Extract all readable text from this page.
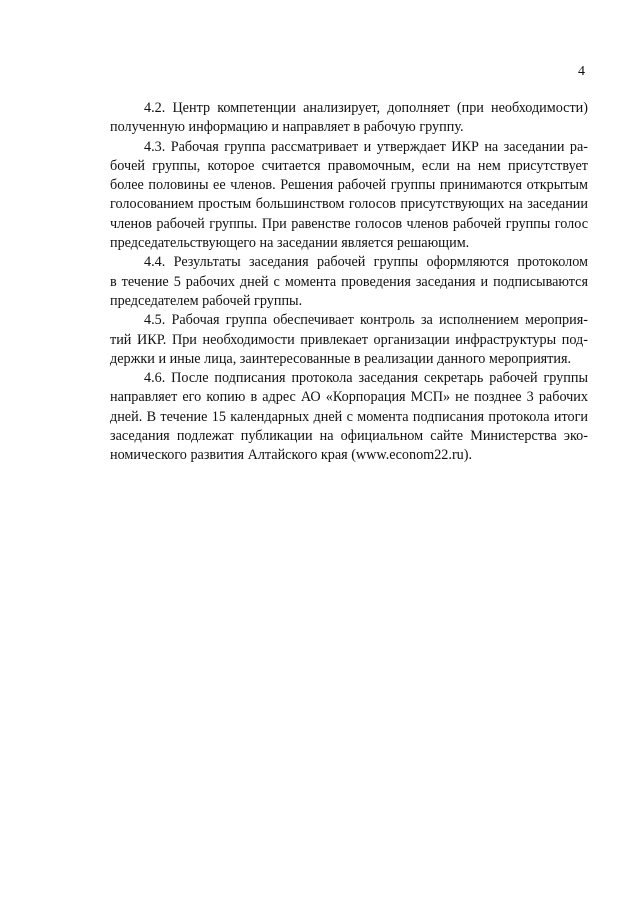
4
4.2. Центр компетенции анализирует, дополняет (при необходимости)
полученную информацию и направляет в рабочую группу.
4.3. Рабочая группа рассматривает и утверждает ИКР на заседании ра-
бочей группы, которое считается правомочным, если на нем присутствует
более половины ее членов. Решения рабочей группы принимаются открытым
голосованием простым большинством голосов присутствующих на заседании
членов рабочей группы. При равенстве голосов членов рабочей группы голос
председательствующего на заседании является решающим.
4.4. Результаты заседания рабочей группы оформляются протоколом
в течение 5 рабочих дней с момента проведения заседания и подписываются
председателем рабочей группы.
4.5. Рабочая группа обеспечивает контроль за исполнением мероприя-
тий ИКР. При необходимости привлекает организации инфраструктуры под-
держки и иные лица, заинтересованные в реализации данного мероприятия.
4.6. После подписания протокола заседания секретарь рабочей группы
направляет его копию в адрес АО «Корпорация МСП» не позднее 3 рабочих
дней. В течение 15 календарных дней с момента подписания протокола итоги
заседания подлежат публикации на официальном сайте Министерства эко-
номического развития Алтайского края (www.econom22.ru).
